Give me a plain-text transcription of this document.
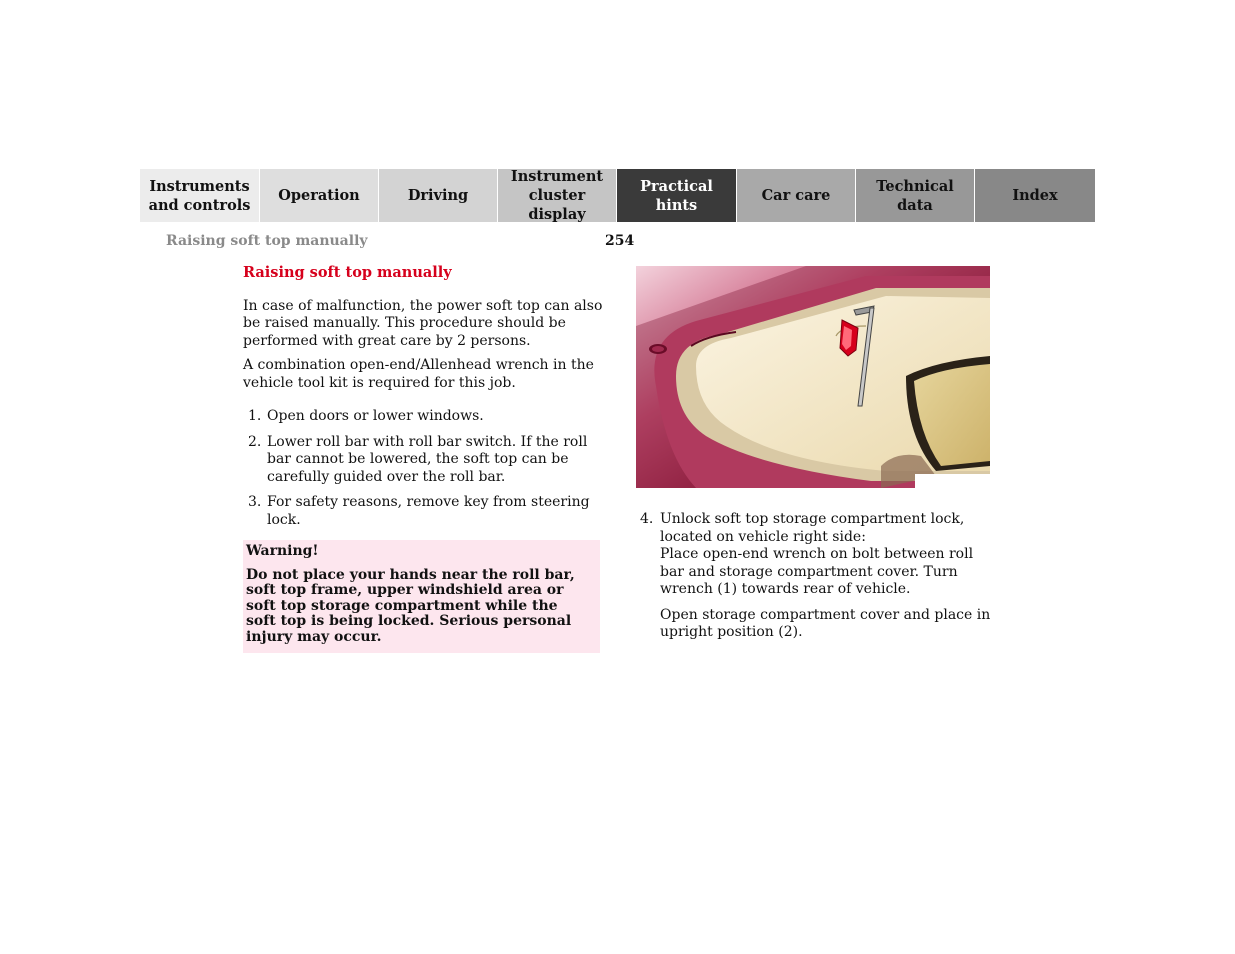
Instruments
and controls
Operation	Driving
Instrument
cluster display
Practical hints
Car care
Technical
data
Index
Raising soft top manually	254
Raising soft top manually

In case of malfunction, the power soft top can also be raised manually. This procedure should be performed with great care by 2 persons.

A combination open-end/Allenhead wrench in the vehicle tool kit is required for this job.

1. Open doors or lower windows.
2. Lower roll bar with roll bar switch. If the roll bar cannot be lowered, the soft top can be carefully guided over the roll bar.
3. For safety reasons, remove key from steering lock.
Warning!
Do not place your hands near the roll bar, soft top frame, upper windshield area or soft top storage compartment while the soft top is being locked. Serious personal injury may occur.
4. Unlock soft top storage compartment lock, located on vehicle right side:

Place open-end wrench on bolt between roll bar and storage compartment cover. Turn wrench (1) towards rear of vehicle.

Open storage compartment cover and place in upright position (2).
